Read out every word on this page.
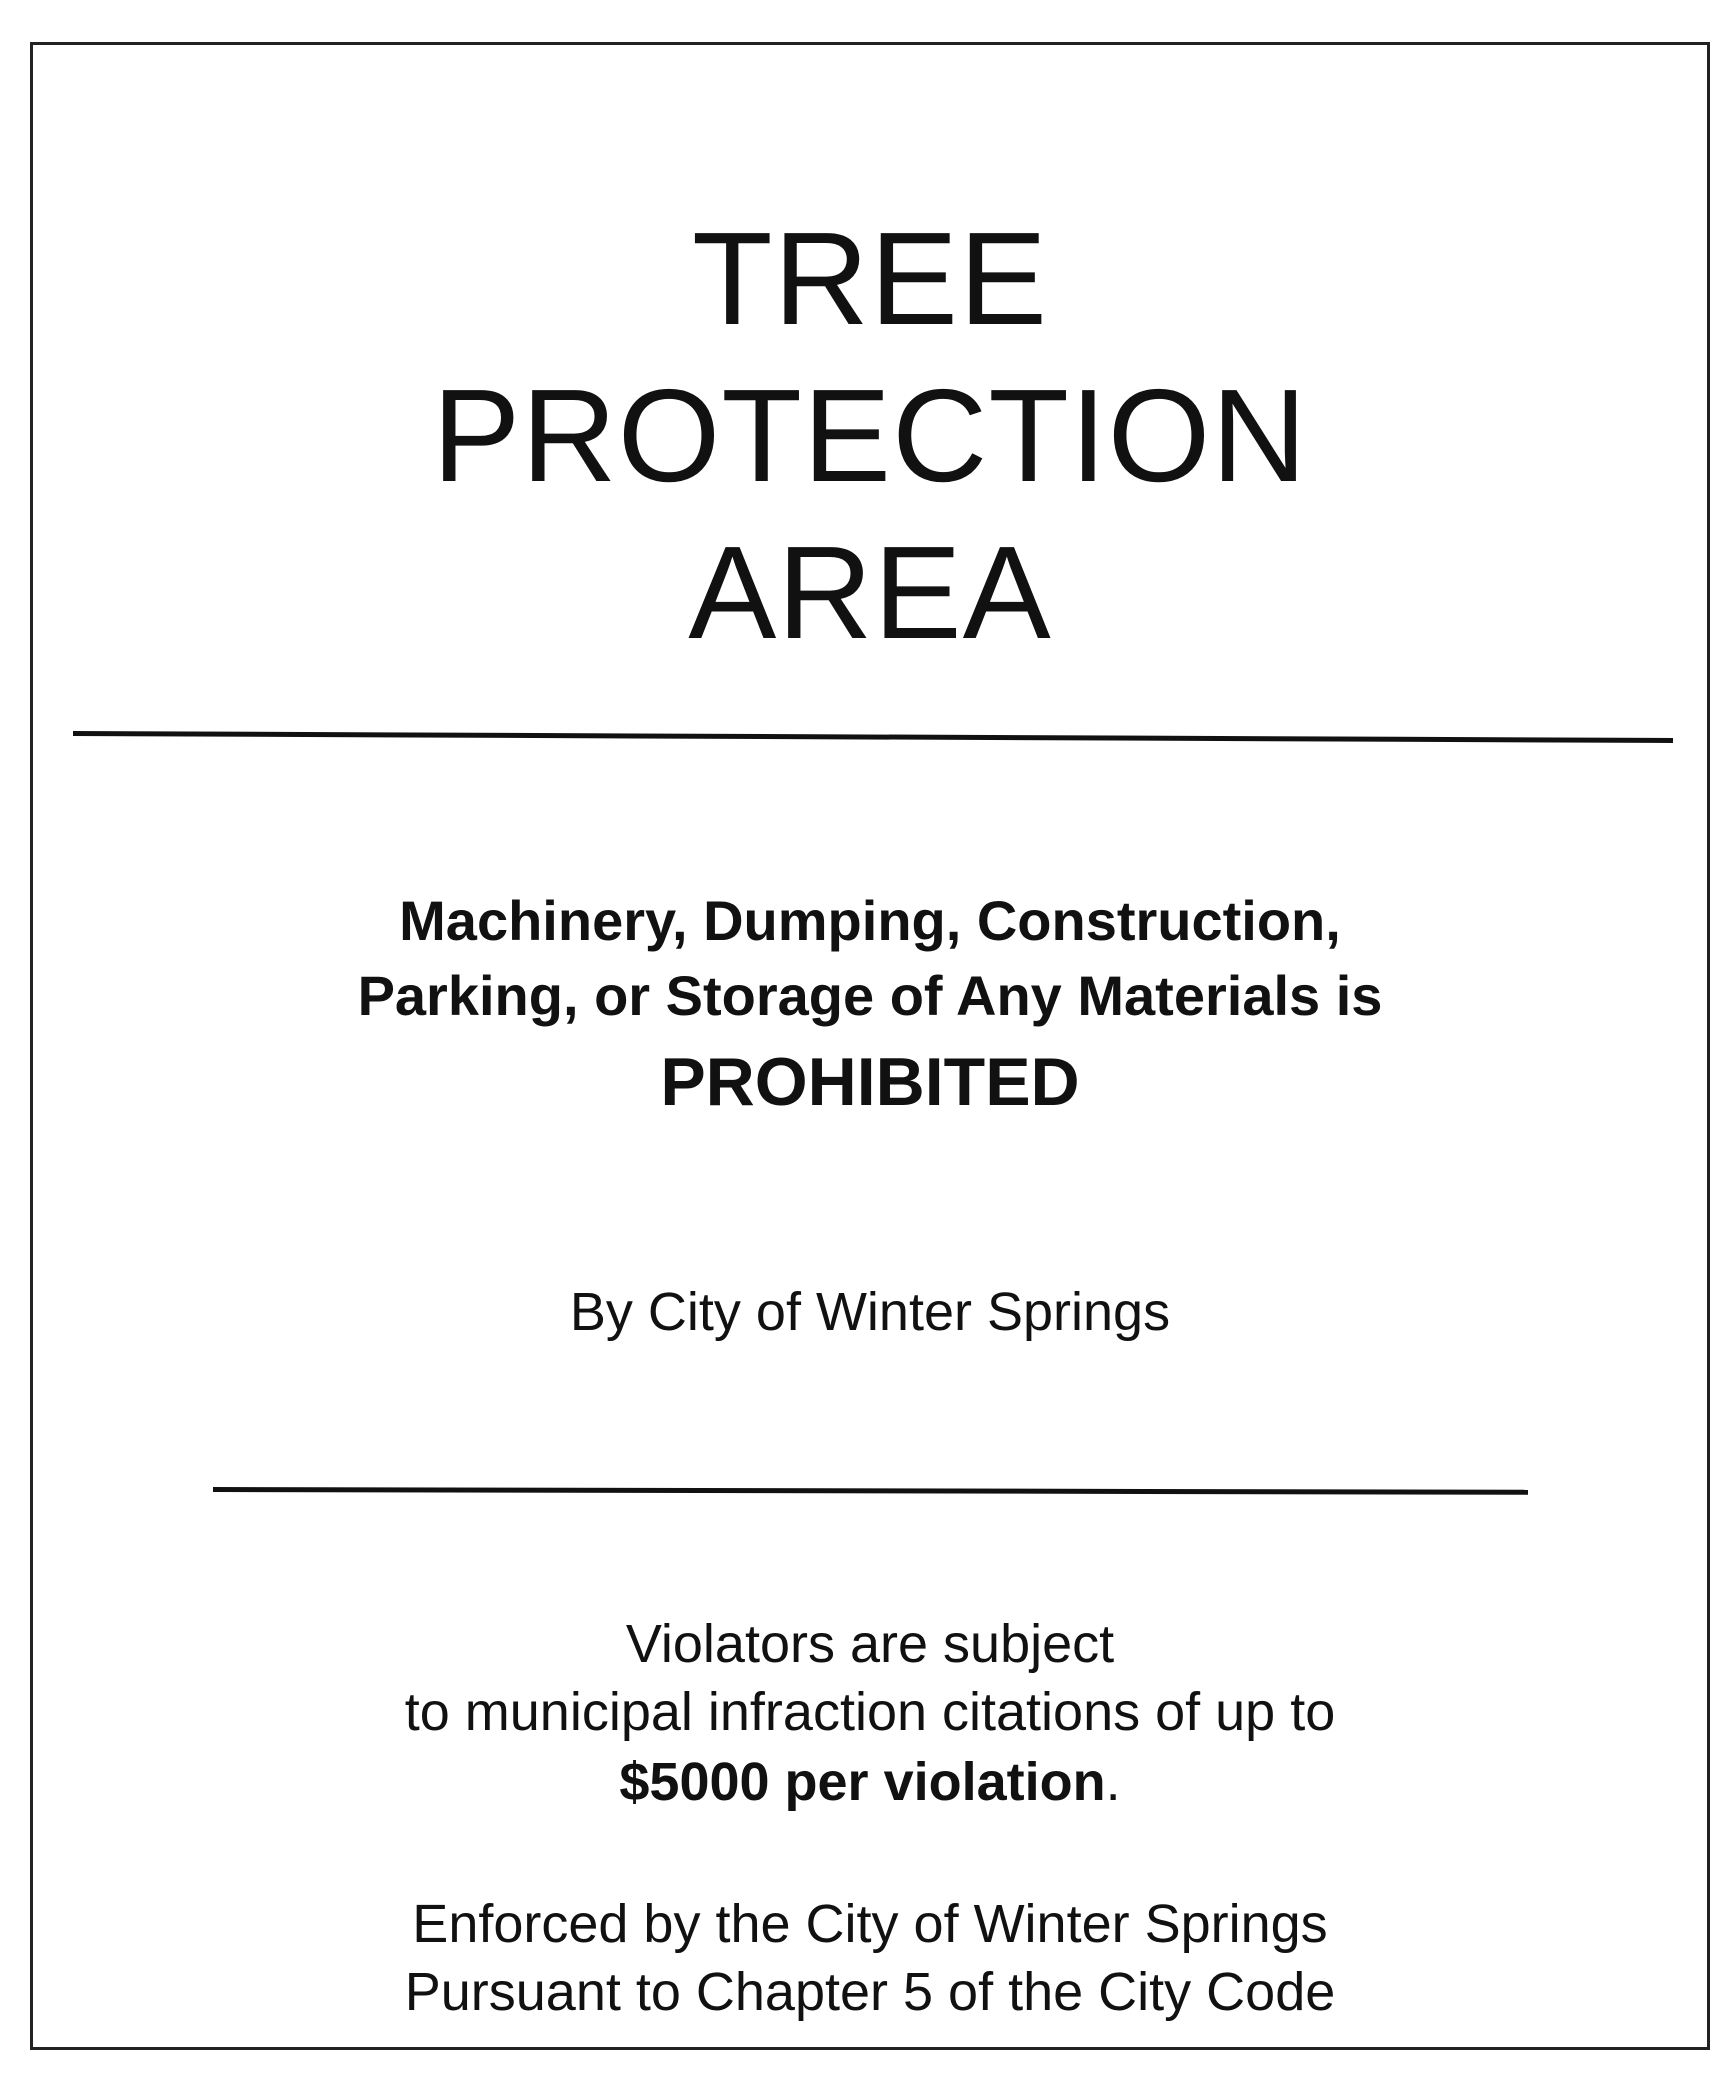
TREE
PROTECTION
AREA

Machinery, Dumping, Construction,

Parking, or Storage of Any Materials is

PROHIBITED

By City of Winter Springs

Violators are subject

to municipal infraction citations of up to

$5000 per violation.

Enforced by the City of Winter Springs

Pursuant to Chapter 5 of the City Code
